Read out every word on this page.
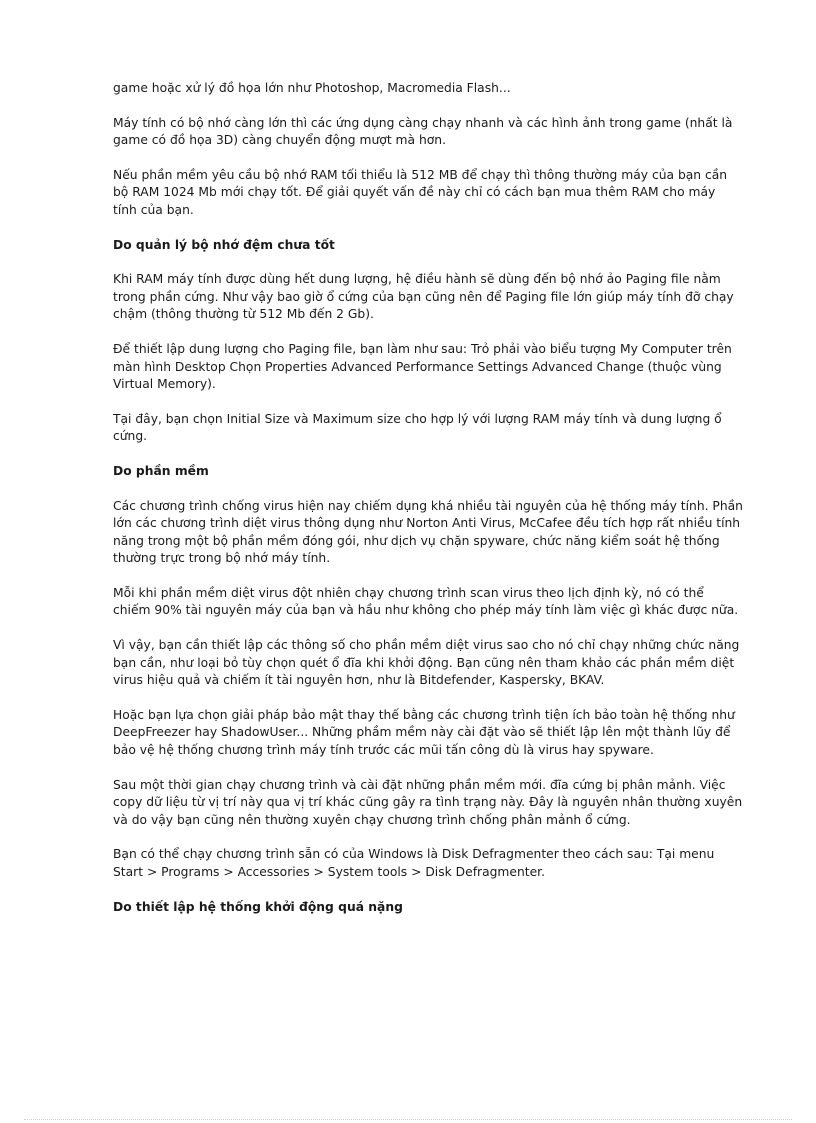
game hoặc xử lý đồ họa lớn như Photoshop, Macromedia Flash...

Máy tính có bộ nhớ càng lớn thì các ứng dụng càng chạy nhanh và các hình ảnh trong game (nhất là game có đồ họa 3D) càng chuyển động mượt mà hơn.

Nếu phần mềm yêu cầu bộ nhớ RAM tối thiểu là 512 MB để chạy thì thông thường máy của bạn cần bộ RAM 1024 Mb mới chạy tốt. Để giải quyết vấn đề này chỉ có cách bạn mua thêm RAM cho máy tính của bạn.

Do quản lý bộ nhớ đệm chưa tốt

Khi RAM máy tính được dùng hết dung lượng, hệ điều hành sẽ dùng đến bộ nhớ ảo Paging file nằm trong phần cứng. Như vậy bao giờ ổ cứng của bạn cũng nên để Paging file lớn giúp máy tính đỡ chạy chậm (thông thường từ 512 Mb đến 2 Gb).

Để thiết lập dung lượng cho Paging file, bạn làm như sau: Trỏ phải vào biểu tượng My Computer trên màn hình Desktop Chọn Properties Advanced Performance Settings Advanced Change (thuộc vùng Virtual Memory).

Tại đây, bạn chọn Initial Size và Maximum size cho hợp lý với lượng RAM máy tính và dung lượng ổ cứng.

Do phần mềm

Các chương trình chống virus hiện nay chiếm dụng khá nhiều tài nguyên của hệ thống máy tính. Phần lớn các chương trình diệt virus thông dụng như Norton Anti Virus, McCafee đều tích hợp rất nhiều tính năng trong một bộ phần mềm đóng gói, như dịch vụ chặn spyware, chức năng kiểm soát hệ thống thường trực trong bộ nhớ máy tính.

Mỗi khi phần mềm diệt virus đột nhiên chạy chương trình scan virus theo lịch định kỳ, nó có thể chiếm 90% tài nguyên máy của bạn và hầu như không cho phép máy tính làm việc gì khác được nữa.

Vì vậy, bạn cần thiết lập các thông số cho phần mềm diệt virus sao cho nó chỉ chạy những chức năng bạn cần, như loại bỏ tùy chọn quét ổ đĩa khi khởi động. Bạn cũng nên tham khảo các phần mềm diệt virus hiệu quả và chiếm ít tài nguyên hơn, như là Bitdefender, Kaspersky, BKAV.

Hoặc bạn lựa chọn giải pháp bảo mật thay thế bằng các chương trình tiện ích bảo toàn hệ thống như DeepFreezer hay ShadowUser... Những phầm mềm này cài đặt vào sẽ thiết lập lên một thành lũy để bảo vệ hệ thống chương trình máy tính trước các mũi tấn công dù là virus hay spyware.

Sau một thời gian chạy chương trình và cài đặt những phần mềm mới. đĩa cứng bị phân mảnh. Việc copy dữ liệu từ vị trí này qua vị trí khác cũng gây ra tình trạng này. Đây là nguyên nhân thường xuyên và do vậy bạn cũng nên thường xuyên chạy chương trình chống phân mảnh ổ cứng.

Bạn có thể chạy chương trình sẵn có của Windows là Disk Defragmenter theo cách sau: Tại menu Start > Programs > Accessories > System tools > Disk Defragmenter.

Do thiết lập hệ thống khởi động quá nặng
